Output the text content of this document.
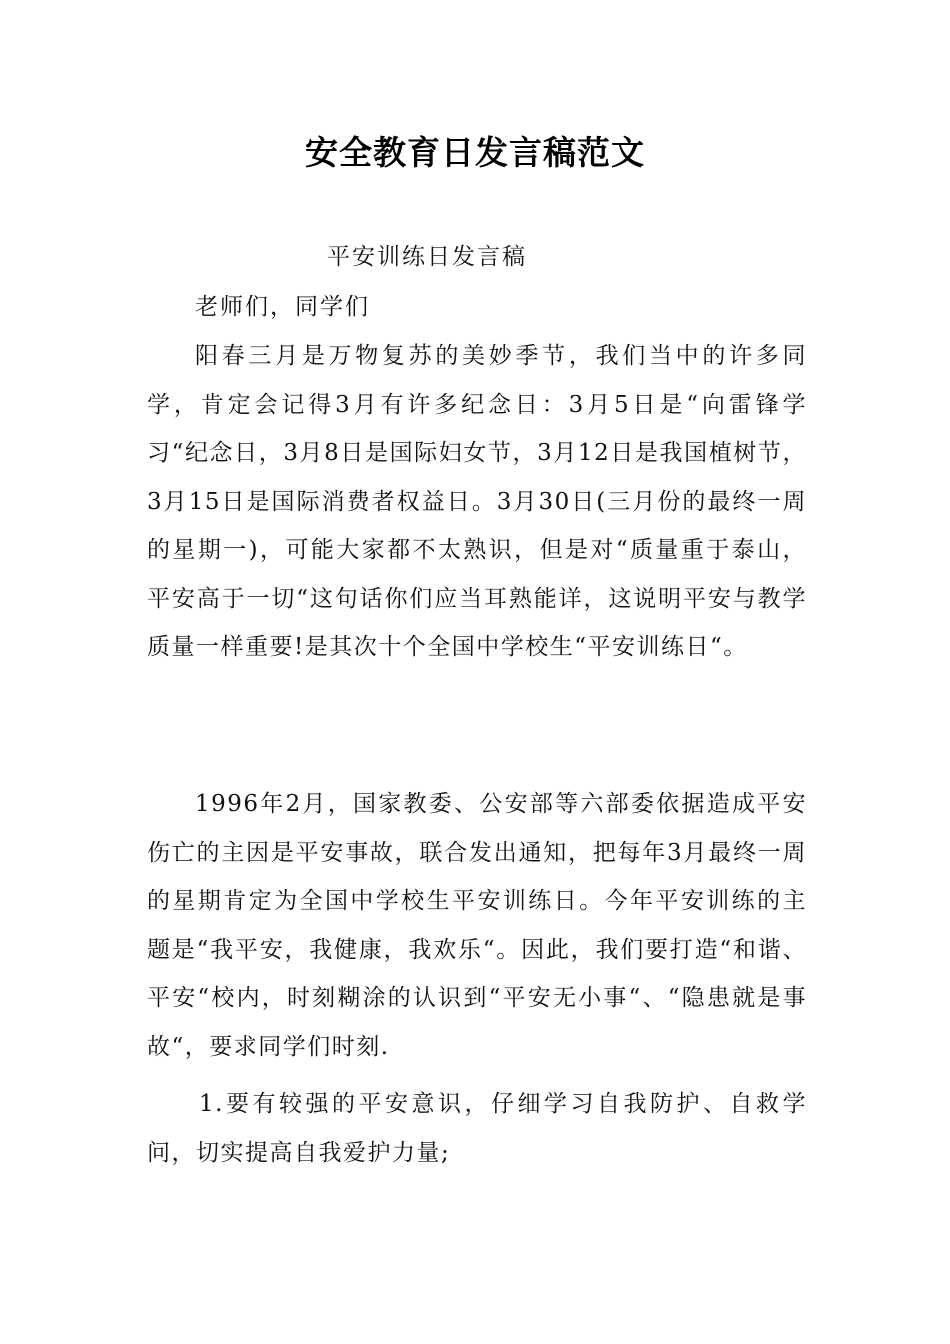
安全教育日发言稿范文
平安训练日发言稿
老师们，同学们
阳春三月是万物复苏的美妙季节，我们当中的许多同学，肯定会记得3月有许多纪念日：3月5日是“向雷锋学习“纪念日，3月8日是国际妇女节，3月12日是我国植树节，3月15日是国际消费者权益日。3月30日(三月份的最终一周的星期一)，可能大家都不太熟识，但是对“质量重于泰山，平安高于一切“这句话你们应当耳熟能详，这说明平安与教学质量一样重要!是其次十个全国中学校生“平安训练日“。
1996年2月，国家教委、公安部等六部委依据造成平安伤亡的主因是平安事故，联合发出通知，把每年3月最终一周的星期肯定为全国中学校生平安训练日。今年平安训练的主题是“我平安，我健康，我欢乐“。因此，我们要打造“和谐、平安“校内，时刻糊涂的认识到“平安无小事“、“隐患就是事故“，要求同学们时刻.
1.要有较强的平安意识，仔细学习自我防护、自救学问，切实提高自我爱护力量;
